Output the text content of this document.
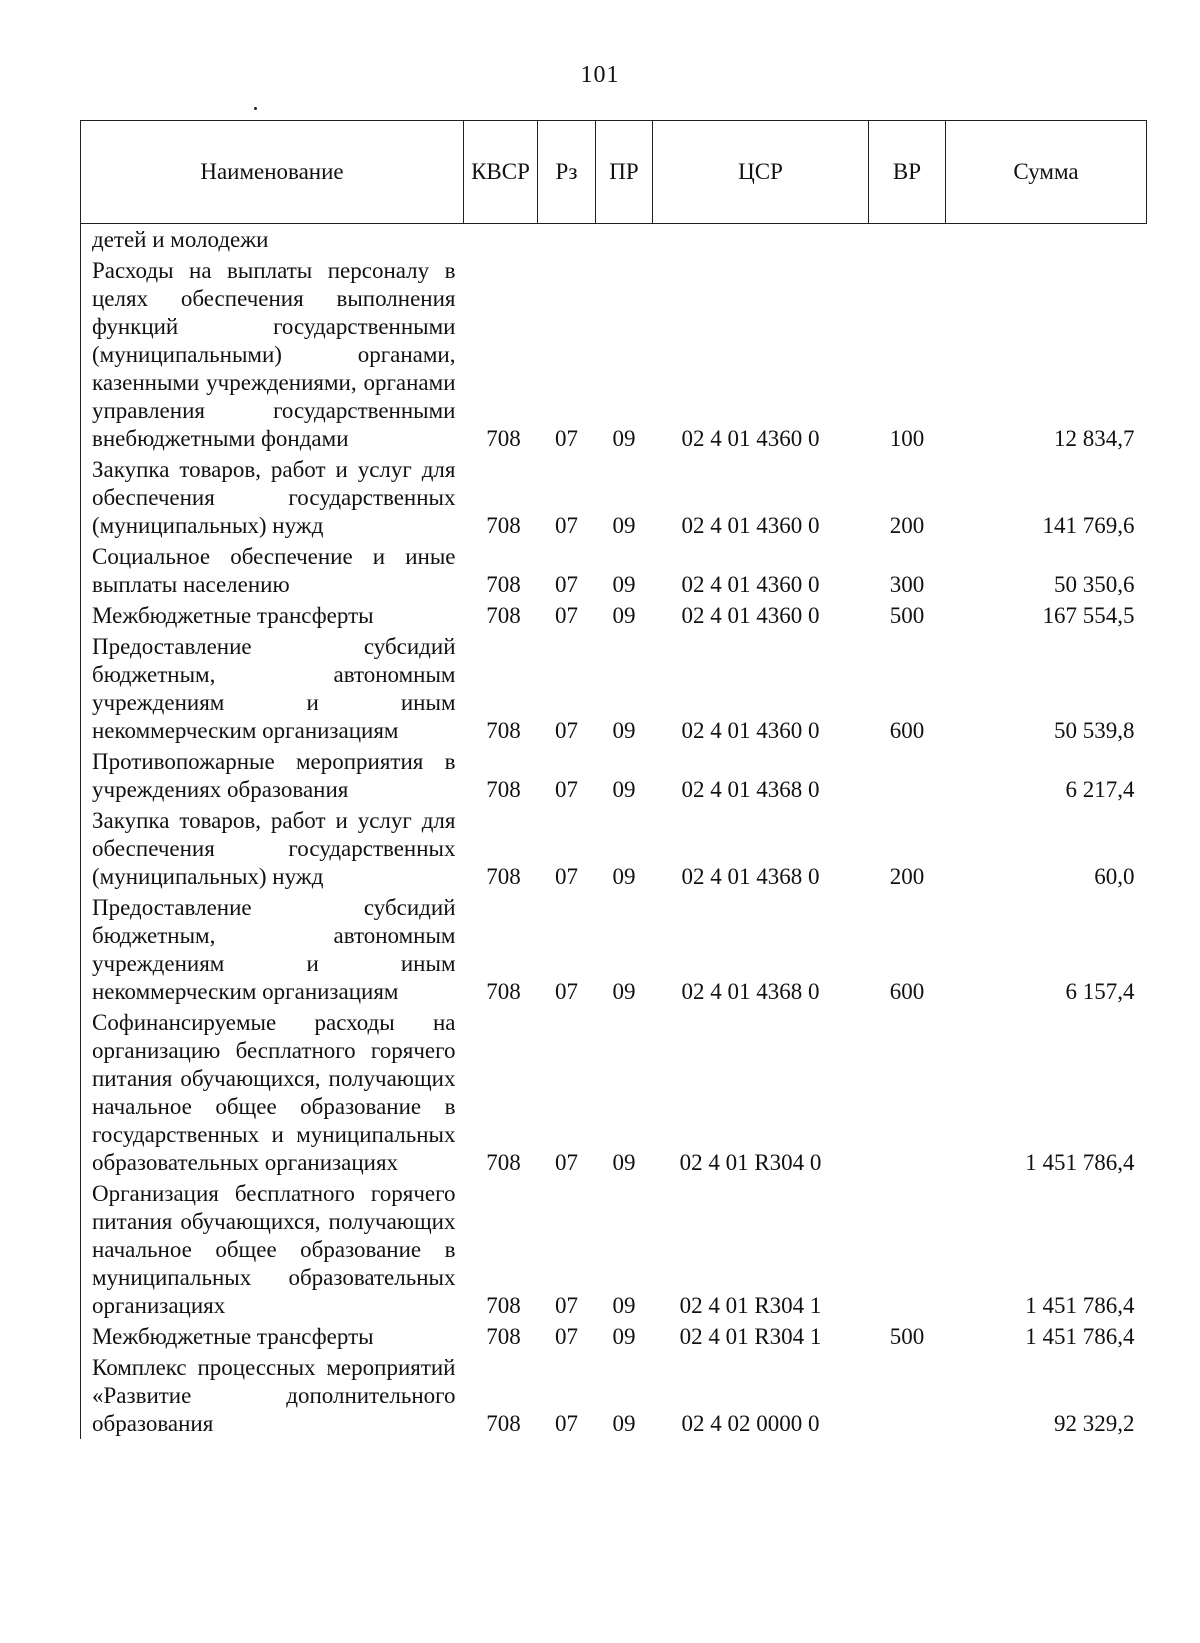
101
Наименование	КВСР	Рз	ПР	ЦСР	ВР	Сумма
детей и молодежи						
Расходы на выплаты персоналу в целях обеспечения выполнения функций государственными (муниципальными) органами, казенными учреждениями, органами управления государственными внебюджетными фондами	708	07	09	02 4 01 4360 0	100	12 834,7
Закупка товаров, работ и услуг для обеспечения государственных (муниципальных) нужд	708	07	09	02 4 01 4360 0	200	141 769,6
Социальное обеспечение и иные выплаты населению	708	07	09	02 4 01 4360 0	300	50 350,6
Межбюджетные трансферты	708	07	09	02 4 01 4360 0	500	167 554,5
Предоставление субсидий бюджетным, автономным учреждениям и иным некоммерческим организациям	708	07	09	02 4 01 4360 0	600	50 539,8
Противопожарные мероприятия в учреждениях образования	708	07	09	02 4 01 4368 0		6 217,4
Закупка товаров, работ и услуг для обеспечения государственных (муниципальных) нужд	708	07	09	02 4 01 4368 0	200	60,0
Предоставление субсидий бюджетным, автономным учреждениям и иным некоммерческим организациям	708	07	09	02 4 01 4368 0	600	6 157,4
Софинансируемые расходы на организацию бесплатного горячего питания обучающихся, получающих начальное общее образование в государственных и муниципальных образовательных организациях	708	07	09	02 4 01 R304 0		1 451 786,4
Организация бесплатного горячего питания обучающихся, получающих начальное общее образование в муниципальных образовательных организациях	708	07	09	02 4 01 R304 1		1 451 786,4
Межбюджетные трансферты	708	07	09	02 4 01 R304 1	500	1 451 786,4
Комплекс процессных мероприятий «Развитие дополнительного образования	708	07	09	02 4 02 0000 0		92 329,2
